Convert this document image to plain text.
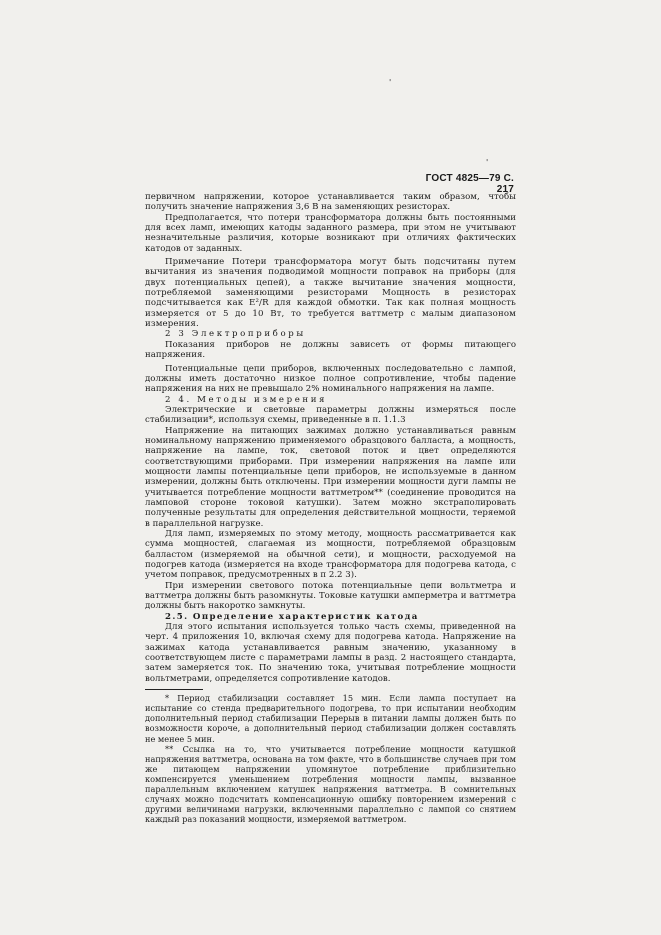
ГОСТ 4825—79 С. 217
'
'

первичном напряжении, которое устанавливается таким образом, чтобы получить значение напряжения 3,6 В на заменяющих резисторах.

Предполагается, что потери трансформатора должны быть постоянными для всех ламп, имеющих катоды заданного размера, при этом не учитывают незначительные различия, которые возникают при отличиях фактических катодов от заданных.

Примечание Потери трансформатора могут быть подсчитаны путем вычитания из значения подводимой мощности поправок на приборы (для двух потенциальных цепей), а также вычитание значения мощности, потребляемой заменяющими резисторами Мощность в резисторах подсчитывается как E²/R для каждой обмотки. Так как полная мощность измеряется от 5 до 10 Вт, то требуется ваттметр с малым диапазоном измерения.

2 3 Электроприборы

Показания приборов не должны зависеть от формы питающего напряжения.

Потенциальные цепи приборов, включенных последовательно с лампой, должны иметь достаточно низкое полное сопротивление, чтобы падение напряжения на них не превышало 2% номинального напряжения на лампе.

2 4. Методы измерения

Электрические и световые параметры должны измеряться после стабилизации*, используя схемы, приведенные в п. 1.1.3

Напряжение на питающих зажимах должно устанавливаться равным номинальному напряжению применяемого образцового балласта, а мощность, напряжение на лампе, ток, световой поток и цвет определяются соответствующими приборами. При измерении напряжения на лампе или мощности лампы потенциальные цепи приборов, не используемые в данном измерении, должны быть отключены. При измерении мощности дуги лампы не учитывается потребление мощности ваттметром** (соединение проводится на ламповой стороне токовой катушки). Затем можно экстраполировать полученные результаты для определения действительной мощности, теряемой в параллельной нагрузке.

Для ламп, измеряемых по этому методу, мощность рассматривается как сумма мощностей, слагаемая из мощности, потребляемой образцовым балластом (измеряемой на обычной сети), и мощности, расходуемой на подогрев катода (измеряется на входе трансформатора для подогрева катода, с учетом поправок, предусмотренных в п 2.2 3).

При измерении светового потока потенциальные цепи вольтметра и ваттметра должны быть разомкнуты. Токовые катушки амперметра и ваттметра должны быть накоротко замкнуты.

2.5. Определение характеристик катода

Для этого испытания используется только часть схемы, приведенной на черт. 4 приложения 10, включая схему для подогрева катода. Напряжение на зажимах катода устанавливается равным значению, указанному в соответствующем листе с параметрами лампы в разд. 2 настоящего стандарта, затем замеряется ток. По значению тока, учитывая потребление мощности вольтметрами, определяется сопротивление катодов.

* Период стабилизации составляет 15 мин. Если лампа поступает на испытание со стенда предварительного подогрева, то при испытании необходим дополнительный период стабилизации Перерыв в питании лампы должен быть по возможности короче, а дополнительный период стабилизации должен составлять не менее 5 мин.

** Ссылка на то, что учитывается потребление мощности катушкой напряжения ваттметра, основана на том факте, что в большинстве случаев при том же питающем напряжении упомянутое потребление приблизительно компенсируется уменьшением потребления мощности лампы, вызванное параллельным включением катушек напряжения ваттметра. В сомнительных случаях можно подсчитать компенсационную ошибку повторением измерений с другими величинами нагрузки, включенными параллельно с лампой со снятием каждый раз показаний мощности, измеряемой ваттметром.
